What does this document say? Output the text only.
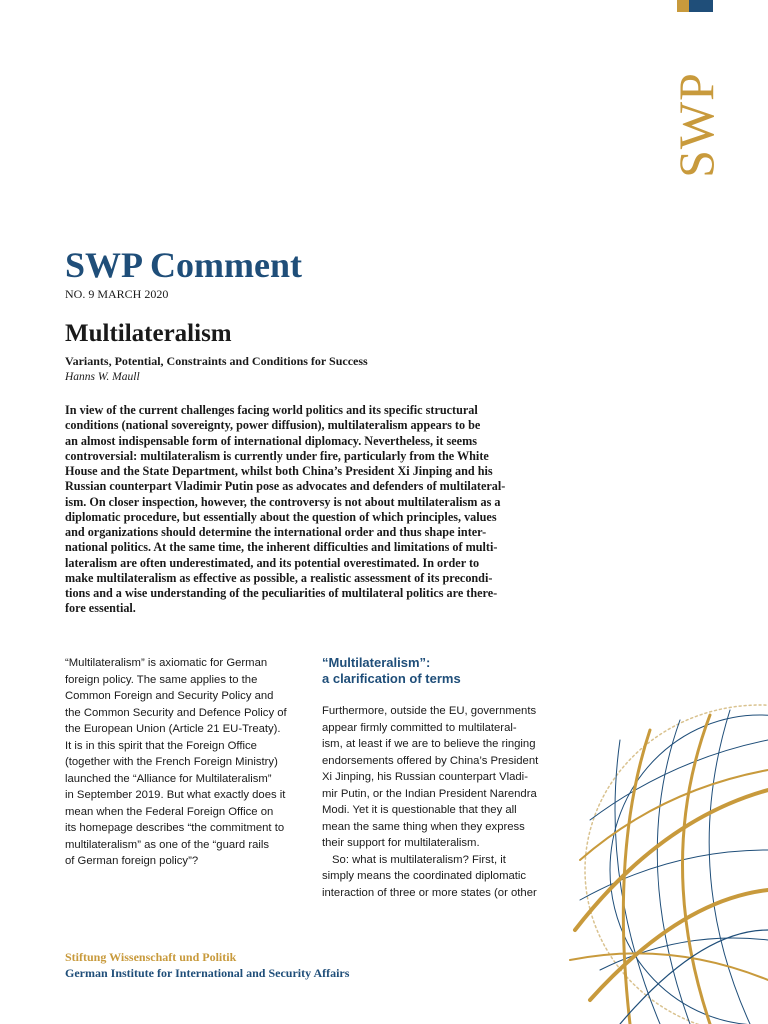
SWP
SWP Comment
NO. 9 MARCH 2020
Multilateralism
Variants, Potential, Constraints and Conditions for Success
Hanns W. Maull
In view of the current challenges facing world politics and its specific structural
conditions (national sovereignty, power diffusion), multilateralism appears to be
an almost indispensable form of international diplomacy. Nevertheless, it seems
controversial: multilateralism is currently under fire, particularly from the White
House and the State Department, whilst both China’s President Xi Jinping and his
Russian counterpart Vladimir Putin pose as advocates and defenders of multilateral-
ism. On closer inspection, however, the controversy is not about multilateralism as a
diplomatic procedure, but essentially about the question of which principles, values
and organizations should determine the international order and thus shape inter-
national politics. At the same time, the inherent difficulties and limitations of multi-
lateralism are often underestimated, and its potential overestimated. In order to
make multilateralism as effective as possible, a realistic assessment of its precondi-
tions and a wise understanding of the peculiarities of multilateral politics are there-
fore essential.
“Multilateralism” is axiomatic for German
foreign policy. The same applies to the
Common Foreign and Security Policy and
the Common Security and Defence Policy of
the European Union (Article 21 EU-Treaty).
It is in this spirit that the Foreign Office
(together with the French Foreign Ministry)
launched the “Alliance for Multilateralism”
in September 2019. But what exactly does it
mean when the Federal Foreign Office on
its homepage describes “the commitment to
multilateralism” as one of the “guard rails
of German foreign policy”?
“Multilateralism”:
a clarification of terms
Furthermore, outside the EU, governments
appear firmly committed to multilateral-
ism, at least if we are to believe the ringing
endorsements offered by China’s President
Xi Jinping, his Russian counterpart Vladi-
mir Putin, or the Indian President Narendra
Modi. Yet it is questionable that they all
mean the same thing when they express
their support for multilateralism.
So: what is multilateralism? First, it
simply means the coordinated diplomatic
interaction of three or more states (or other
Stiftung Wissenschaft und Politik
German Institute for International and Security Affairs
